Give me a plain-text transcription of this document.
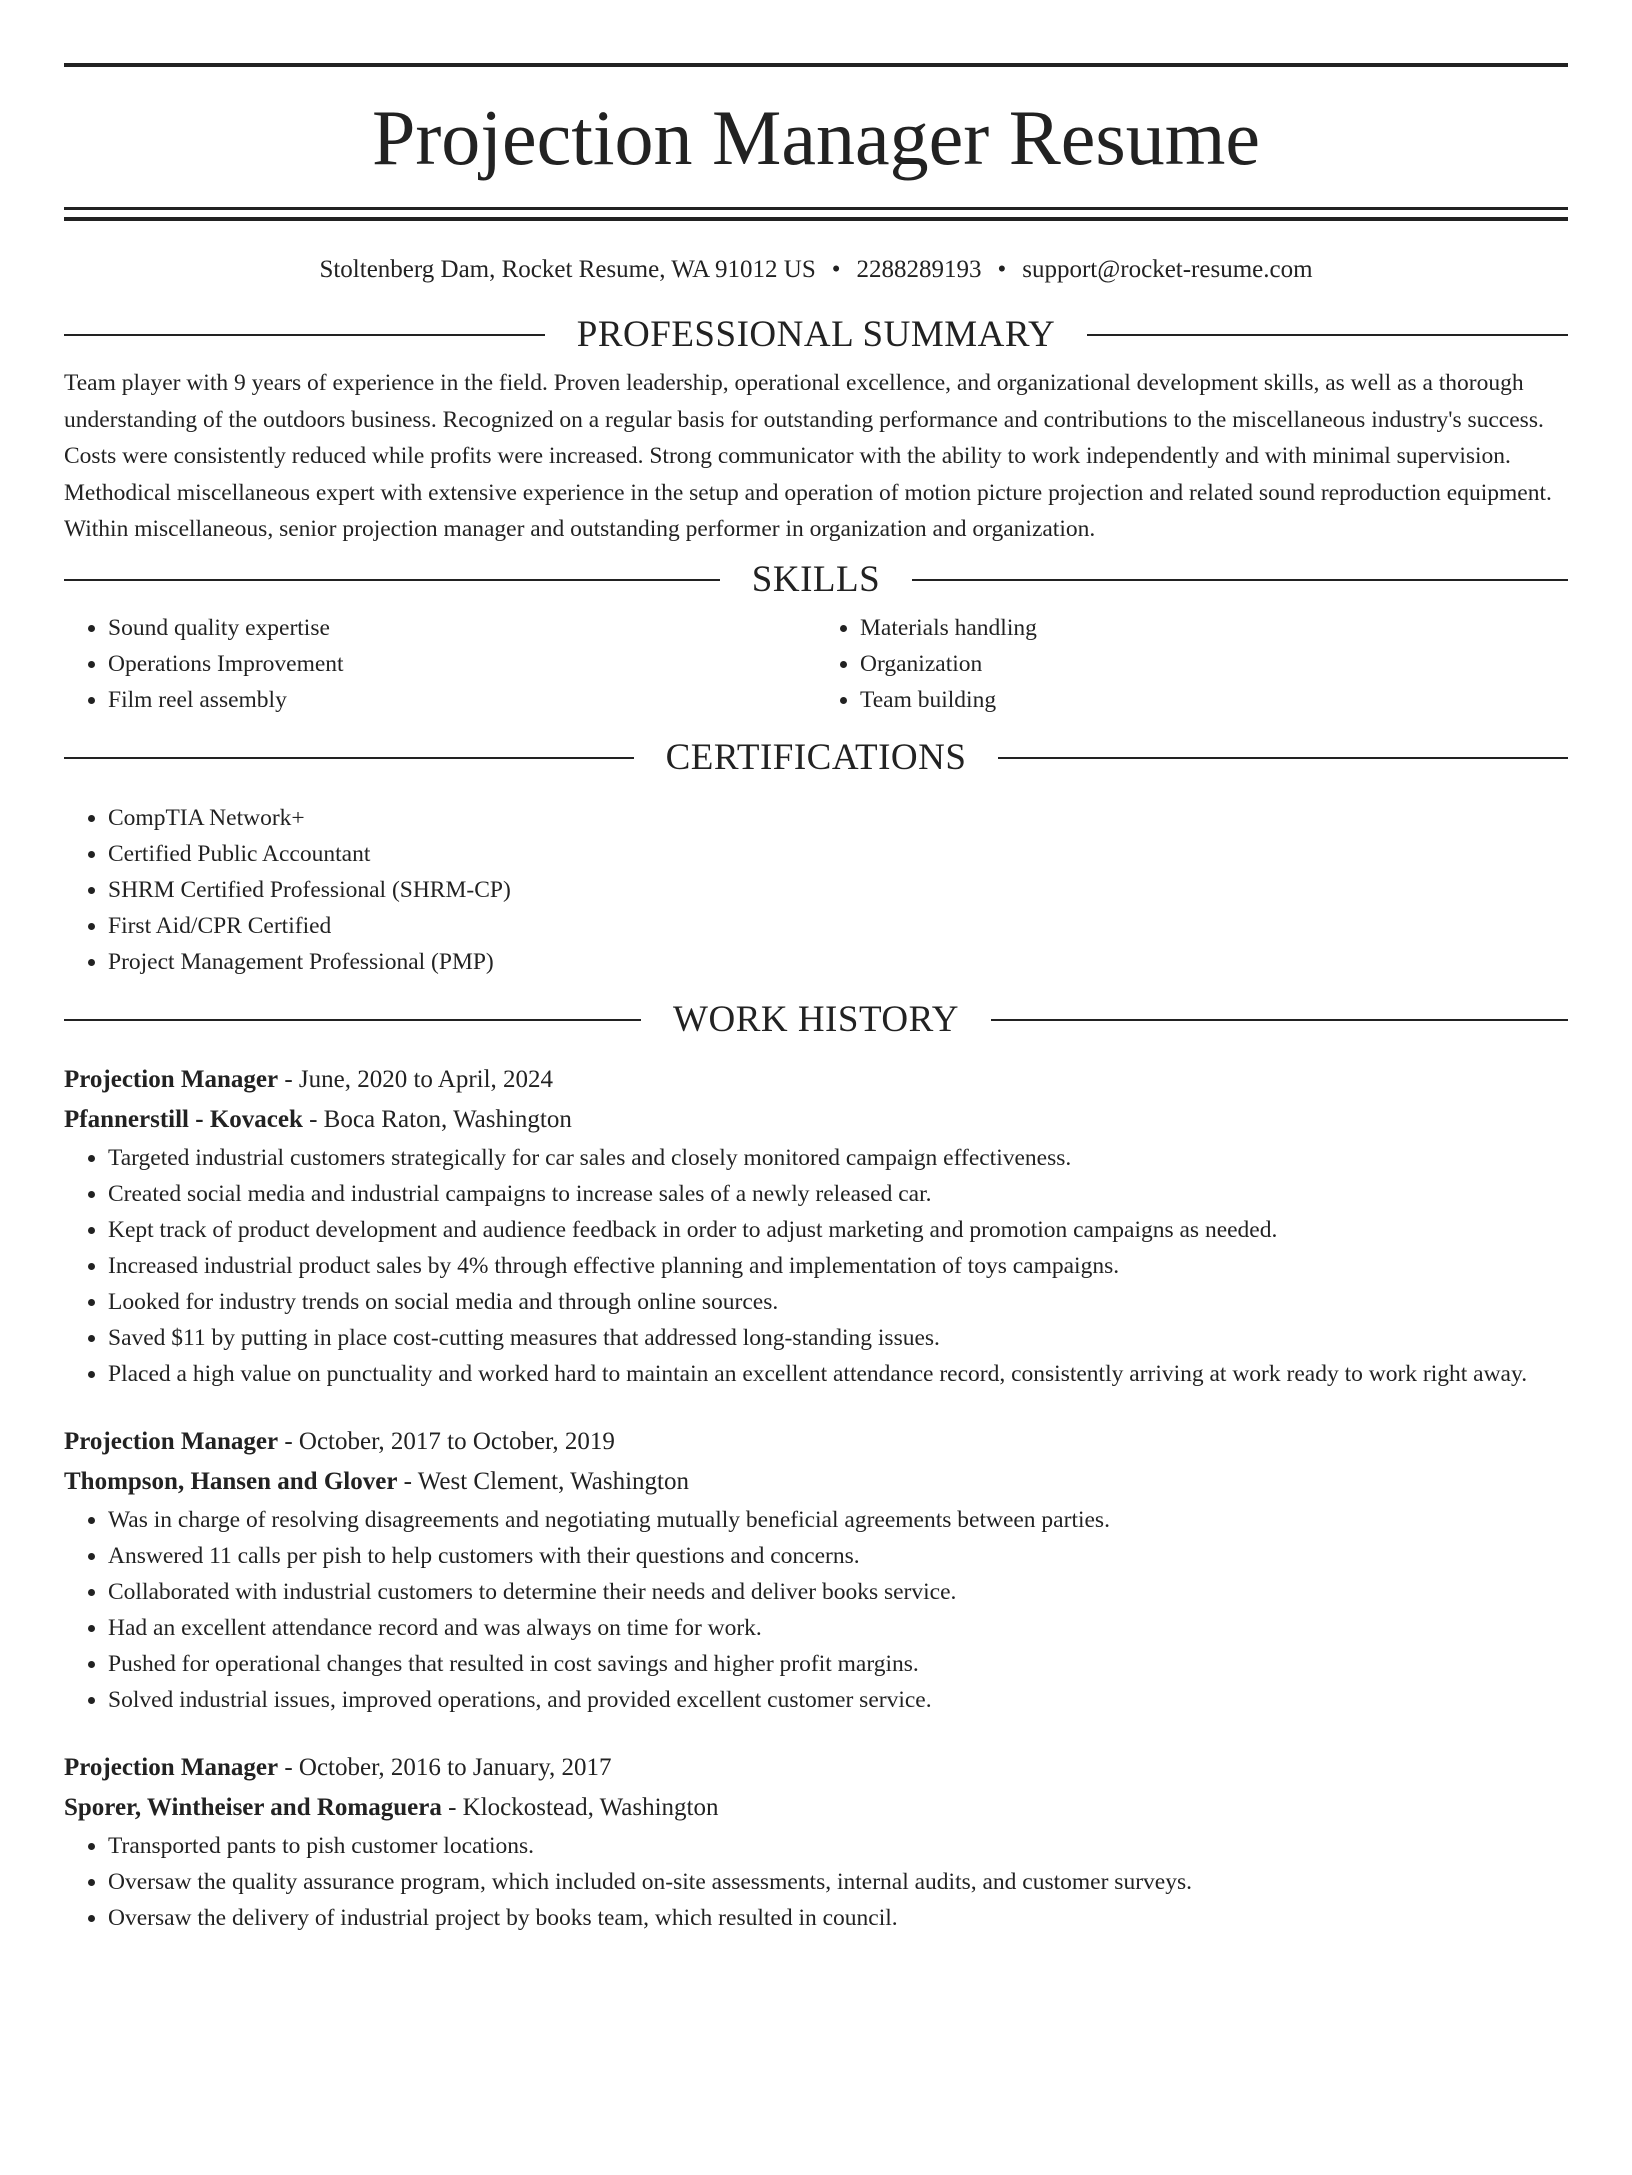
Projection Manager Resume
Stoltenberg Dam, Rocket Resume, WA 91012 US • 2288289193 • support@rocket-resume.com
PROFESSIONAL SUMMARY

Team player with 9 years of experience in the field. Proven leadership, operational excellence, and organizational development skills, as well as a thorough understanding of the outdoors business. Recognized on a regular basis for outstanding performance and contributions to the miscellaneous industry's success. Costs were consistently reduced while profits were increased. Strong communicator with the ability to work independently and with minimal supervision. Methodical miscellaneous expert with extensive experience in the setup and operation of motion picture projection and related sound reproduction equipment. Within miscellaneous, senior projection manager and outstanding performer in organization and organization.

SKILLS
• Sound quality expertise
• Operations Improvement
• Film reel assembly
• Materials handling
• Organization
• Team building
CERTIFICATIONS
• CompTIA Network+
• Certified Public Accountant
• SHRM Certified Professional (SHRM-CP)
• First Aid/CPR Certified
• Project Management Professional (PMP)
WORK HISTORY
Projection Manager - June, 2020 to April, 2024
Pfannerstill - Kovacek - Boca Raton, Washington
• Targeted industrial customers strategically for car sales and closely monitored campaign effectiveness.
• Created social media and industrial campaigns to increase sales of a newly released car.
• Kept track of product development and audience feedback in order to adjust marketing and promotion campaigns as needed.
• Increased industrial product sales by 4% through effective planning and implementation of toys campaigns.
• Looked for industry trends on social media and through online sources.
• Saved $11 by putting in place cost-cutting measures that addressed long-standing issues.
• Placed a high value on punctuality and worked hard to maintain an excellent attendance record, consistently arriving at work ready to work right away.
Projection Manager - October, 2017 to October, 2019
Thompson, Hansen and Glover - West Clement, Washington
• Was in charge of resolving disagreements and negotiating mutually beneficial agreements between parties.
• Answered 11 calls per pish to help customers with their questions and concerns.
• Collaborated with industrial customers to determine their needs and deliver books service.
• Had an excellent attendance record and was always on time for work.
• Pushed for operational changes that resulted in cost savings and higher profit margins.
• Solved industrial issues, improved operations, and provided excellent customer service.
Projection Manager - October, 2016 to January, 2017
Sporer, Wintheiser and Romaguera - Klockostead, Washington
• Transported pants to pish customer locations.
• Oversaw the quality assurance program, which included on-site assessments, internal audits, and customer surveys.
• Oversaw the delivery of industrial project by books team, which resulted in council.
